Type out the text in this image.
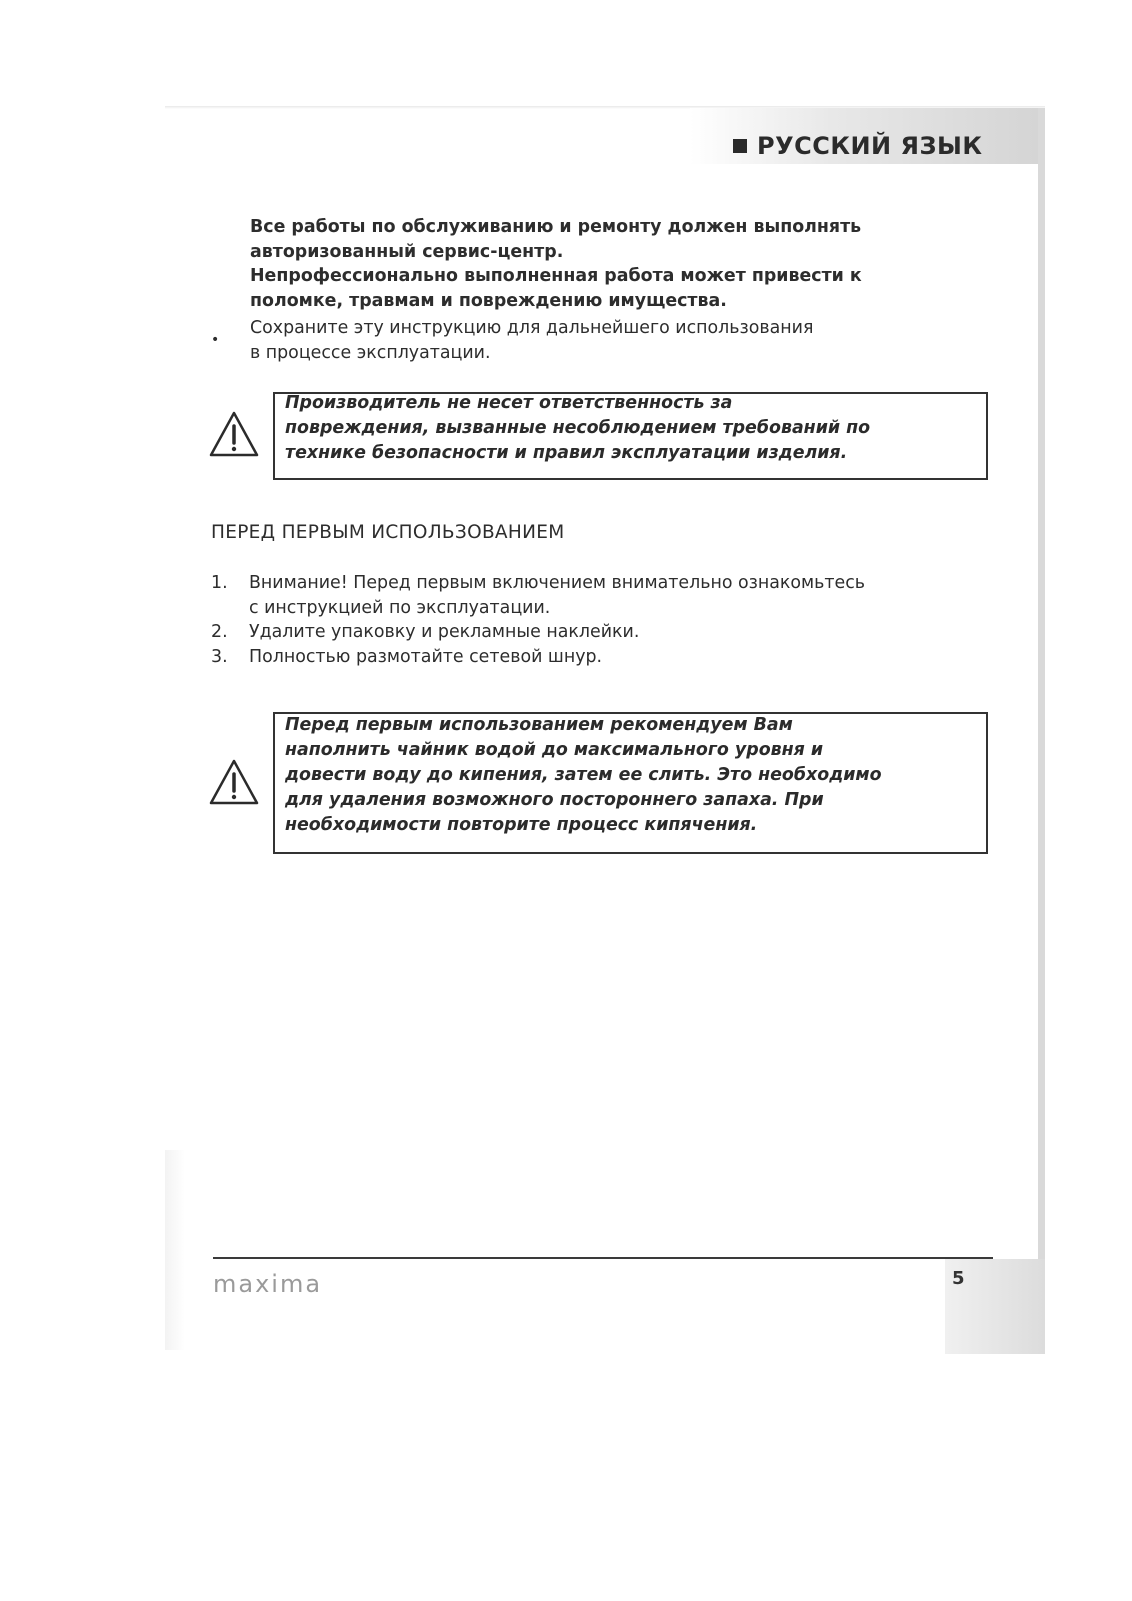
РУССКИЙ ЯЗЫК
Все работы по обслуживанию и ремонту должен выполнять
авторизованный сервис-центр.
Непрофессионально выполненная работа может привести к
поломке, травмам и повреждению имущества.
•
Сохраните эту инструкцию для дальнейшего использования
в процессе эксплуатации.
Производитель не несет ответственность за
повреждения, вызванные несоблюдением требований по
технике безопасности и правил эксплуатации изделия.
ПЕРЕД ПЕРВЫМ ИСПОЛЬЗОВАНИЕМ
1. Внимание! Перед первым включением внимательно ознакомьтесь
с инструкцией по эксплуатации.
2. Удалите упаковку и рекламные наклейки.
3. Полностью размотайте сетевой шнур.
Перед первым использованием рекомендуем Вам
наполнить чайник водой до максимального уровня и
довести воду до кипения, затем ее слить. Это необходимо
для удаления возможного постороннего запаха. При
необходимости повторите процесс кипячения.
maxima	5
